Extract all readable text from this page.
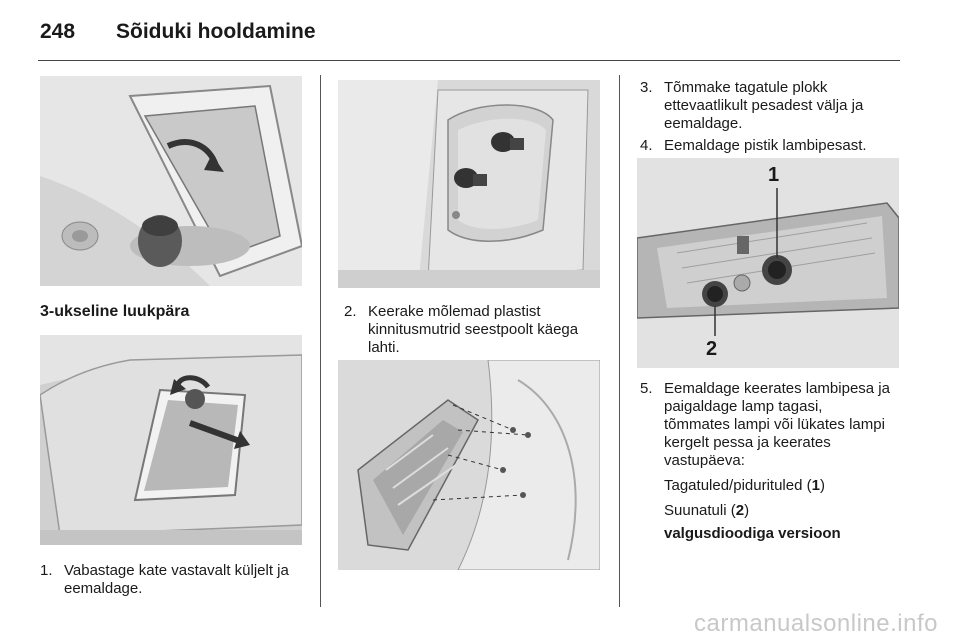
248 Sõiduki hooldamine
3-ukseline luukpära
1. Vabastage kate vastavalt küljelt ja
eemaldage.
2. Keerake mõlemad plastist
kinnitusmutrid seestpoolt käega
lahti.
3. Tõmmake tagatule plokk
ettevaatlikult pesadest välja ja
eemaldage.
4. Eemaldage pistik lambipesast.
1
2
5. Eemaldage keerates lambipesa ja
paigaldage lamp tagasi,
tõmmates lampi või lükates lampi
kergelt pessa ja keerates
vastupäeva:
Tagatuled/pidurituled (1)
Suunatuli (2)
valgusdioodiga versioon
carmanualsonline.info
